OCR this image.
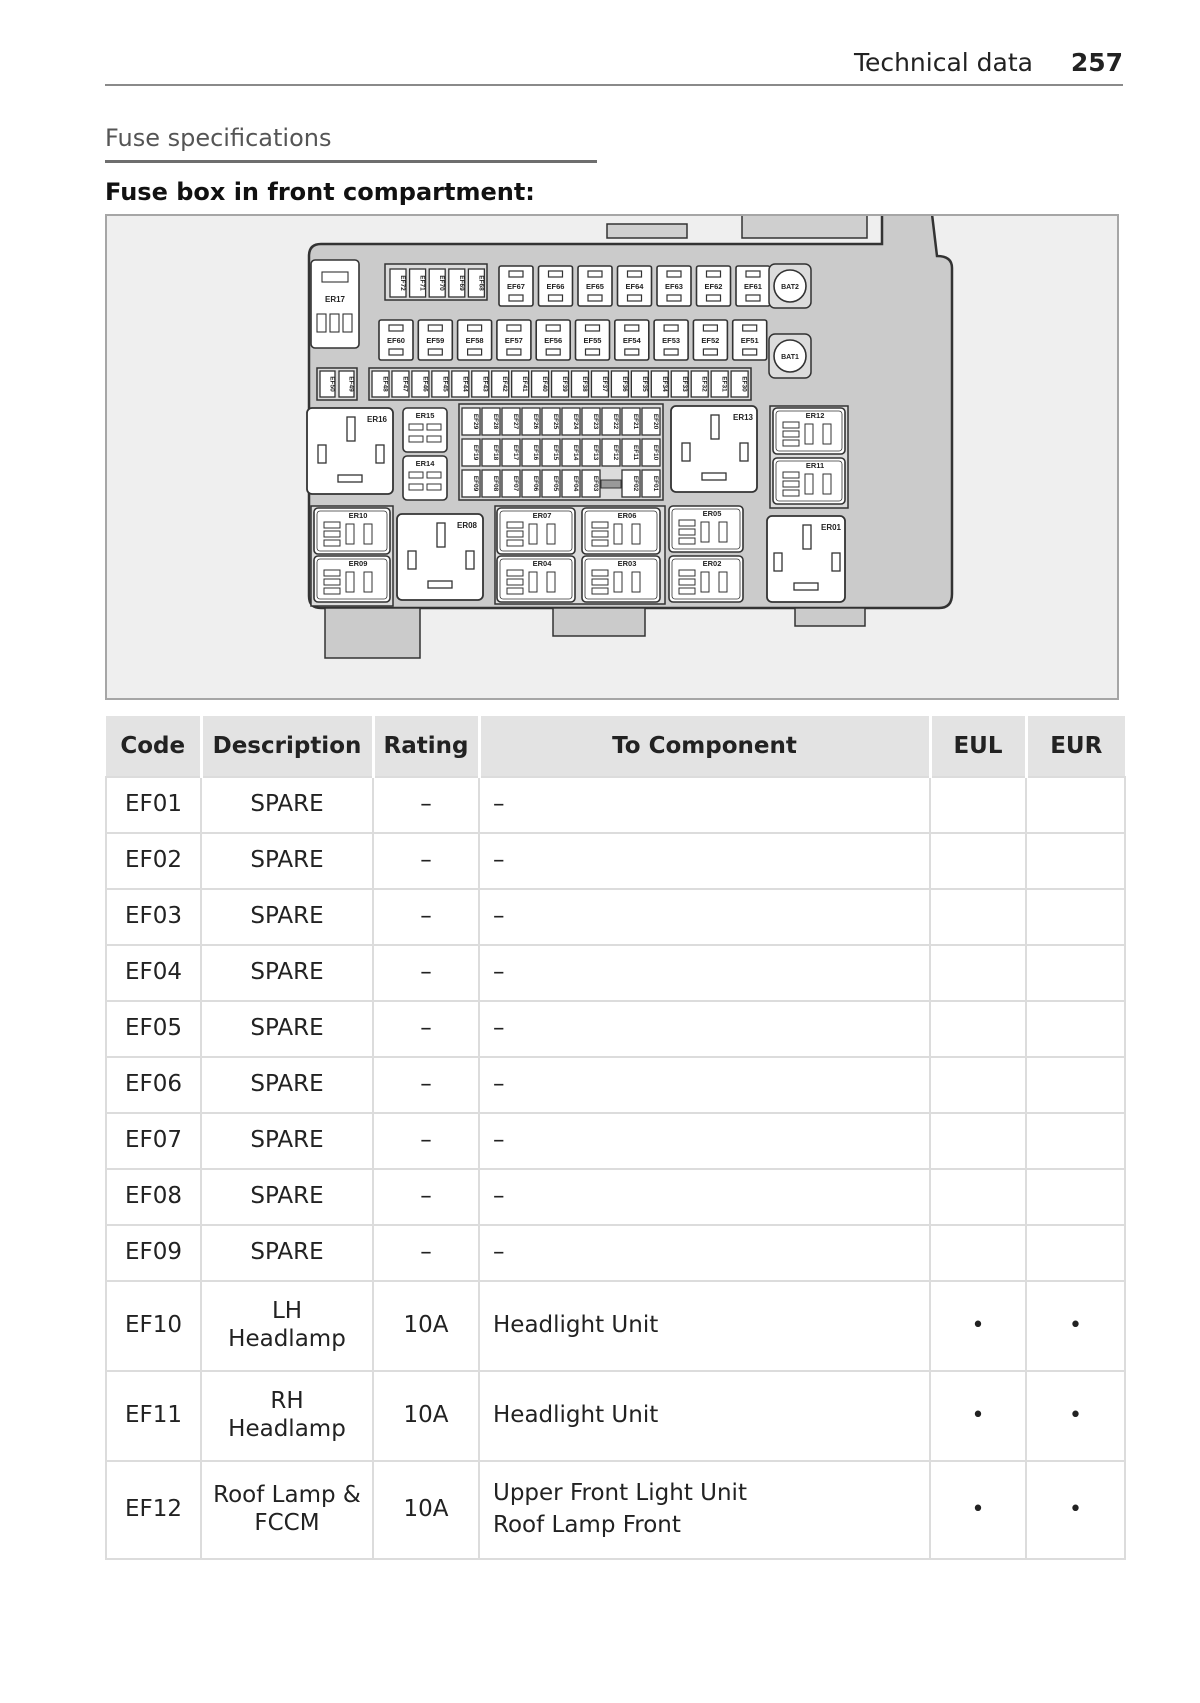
Technical data 257
Fuse specifications
Fuse box in front compartment:
EF67	EF66	EF65	EF64	EF63	EF62	EF61
EF60	EF59	EF58	EF57	EF56	EF55	EF54	EF53	EF52	EF51
EF72 EF71 EF70 EF69 EF68
EF50 EF49	EF48 EF47 EF46 EF45 EF44 EF43 EF42 EF41 EF40 EF39 EF38 EF37 EF36 EF35 EF34 EF33 EF32 EF31 EF30
EF29 EF28 EF27 EF26 EF25 EF24 EF23 EF22 EF21 EF20
EF19 EF18 EF17 EF16 EF15 EF14 EF13 EF12 EF11 EF10
EF09 EF08 EF07 EF06 EF05 EF04 EF03	EF02 EF01
ER17
BAT2
BAT1
ER16	ER13
ER08	ER01
ER15
ER14
ER12
ER11
ER10
ER09
ER07	ER06
ER04	ER03
ER05
ER02
Code	Description	Rating	To Component	EUL	EUR
EF01	SPARE	–	–		

EF02	SPARE	–	–		

EF03	SPARE	–	–		

EF04	SPARE	–	–		

EF05	SPARE	–	–		

EF06	SPARE	–	–		

EF07	SPARE	–	–		

EF08	SPARE	–	–		

EF09	SPARE	–	–		

EF10	LH
Headlamp	10A	Headlight Unit	•	•
EF11	RH
Headlamp	10A	Headlight Unit	•	•
EF12	Roof Lamp &
FCCM	10A	Upper Front Light Unit
Roof Lamp Front	•	•
